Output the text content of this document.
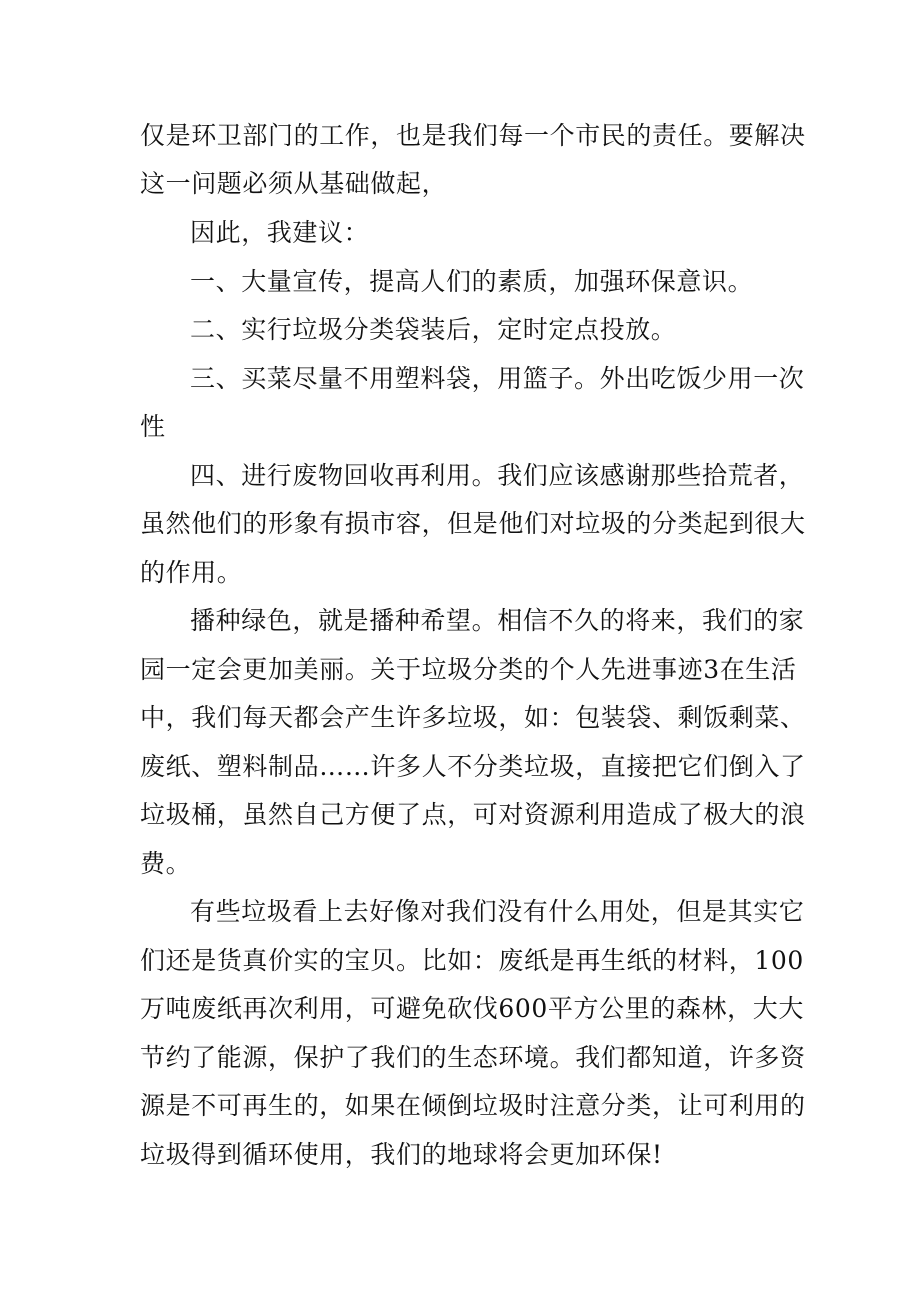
仅是环卫部门的工作，也是我们每一个市民的责任。要解决
这一问题必须从基础做起，
因此，我建议：
一、大量宣传，提高人们的素质，加强环保意识。
二、实行垃圾分类袋装后，定时定点投放。
三、买菜尽量不用塑料袋，用篮子。外出吃饭少用一次
性
四、进行废物回收再利用。我们应该感谢那些拾荒者，
虽然他们的形象有损市容，但是他们对垃圾的分类起到很大
的作用。
播种绿色，就是播种希望。相信不久的将来，我们的家
园一定会更加美丽。关于垃圾分类的个人先进事迹3在生活
中，我们每天都会产生许多垃圾，如：包装袋、剩饭剩菜、
废纸、塑料制品……许多人不分类垃圾，直接把它们倒入了
垃圾桶，虽然自己方便了点，可对资源利用造成了极大的浪
费。
有些垃圾看上去好像对我们没有什么用处，但是其实它
们还是货真价实的宝贝。比如：废纸是再生纸的材料，100
万吨废纸再次利用，可避免砍伐600平方公里的森林，大大
节约了能源，保护了我们的生态环境。我们都知道，许多资
源是不可再生的，如果在倾倒垃圾时注意分类，让可利用的
垃圾得到循环使用，我们的地球将会更加环保!
